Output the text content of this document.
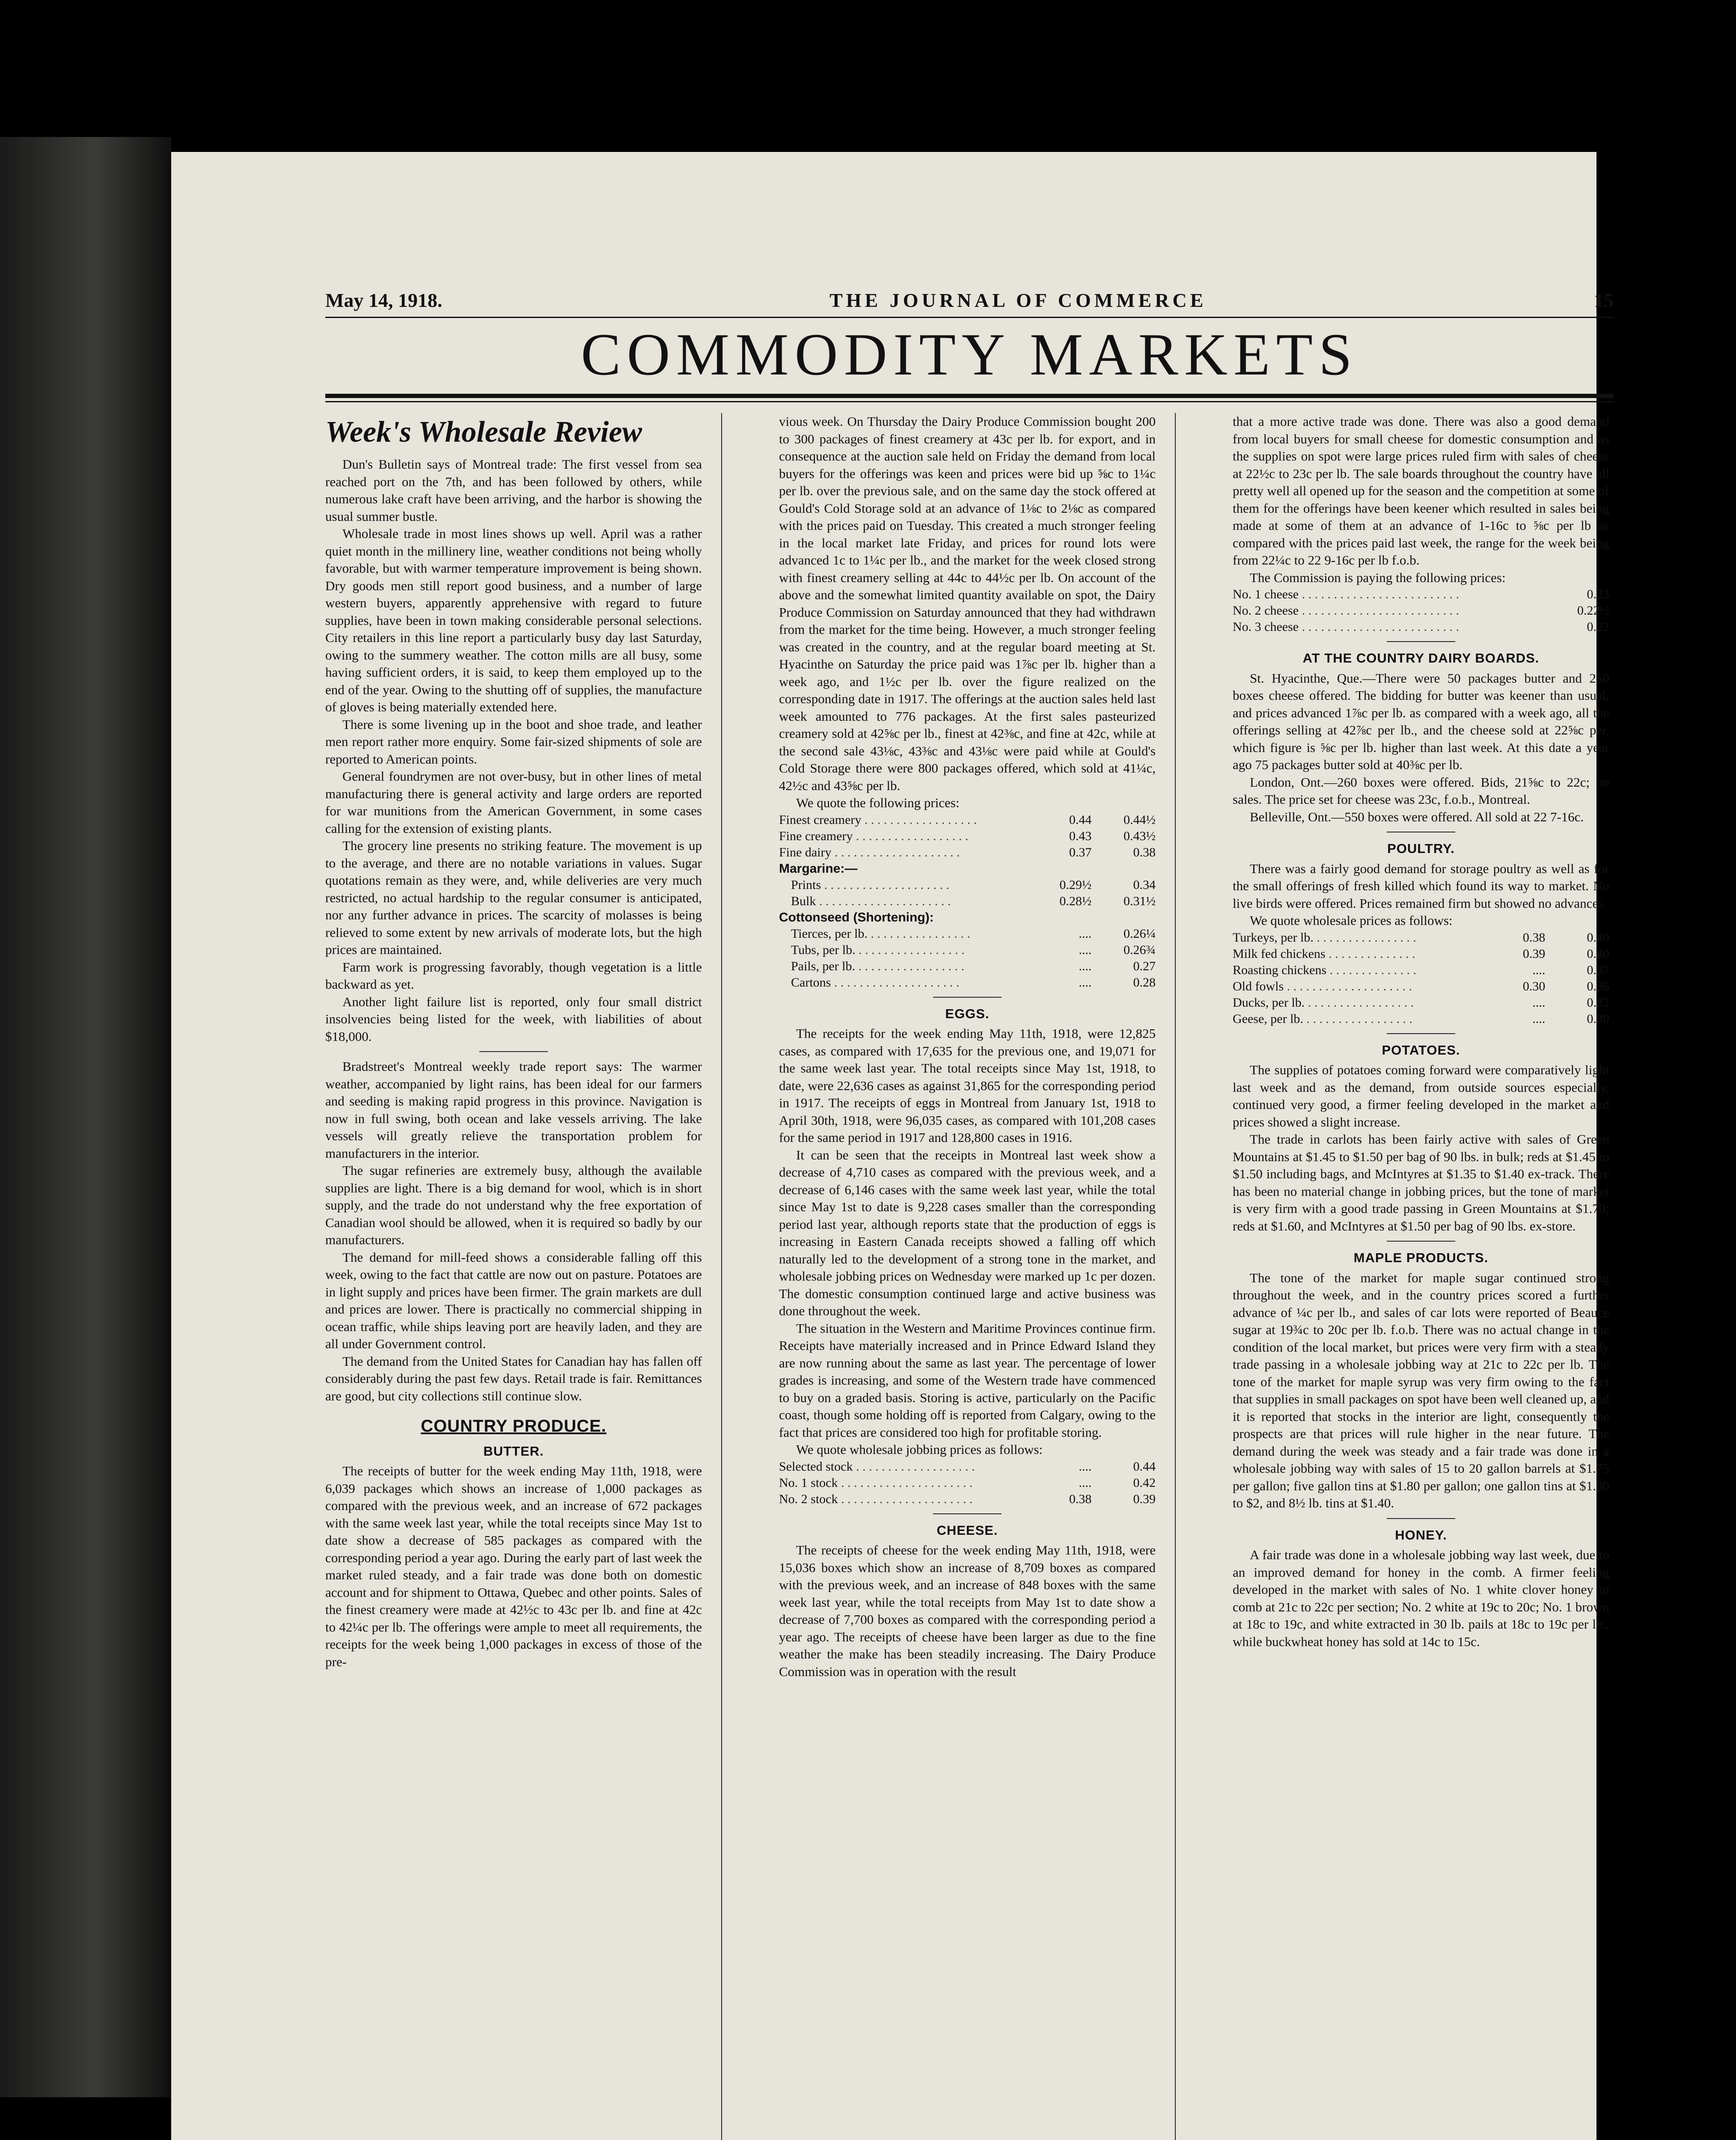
May 14, 1918.	THE JOURNAL OF COMMERCE	15
COMMODITY MARKETS
Week's Wholesale Review

Dun's Bulletin says of Montreal trade: The first vessel from sea reached port on the 7th, and has been followed by others, while numerous lake craft have been arriving, and the harbor is showing the usual summer bustle.

Wholesale trade in most lines shows up well. April was a rather quiet month in the millinery line, weather conditions not being wholly favorable, but with warmer temperature improvement is being shown. Dry goods men still report good business, and a number of large western buyers, apparently apprehensive with regard to future supplies, have been in town making considerable personal selections. City retailers in this line report a particularly busy day last Saturday, owing to the summery weather. The cotton mills are all busy, some having sufficient orders, it is said, to keep them employed up to the end of the year. Owing to the shutting off of supplies, the manufacture of gloves is being materially extended here.

There is some livening up in the boot and shoe trade, and leather men report rather more enquiry. Some fair-sized shipments of sole are reported to American points.

General foundrymen are not over-busy, but in other lines of metal manufacturing there is general activity and large orders are reported for war munitions from the American Government, in some cases calling for the extension of existing plants.

The grocery line presents no striking feature. The movement is up to the average, and there are no notable variations in values. Sugar quotations remain as they were, and, while deliveries are very much restricted, no actual hardship to the regular consumer is anticipated, nor any further advance in prices. The scarcity of molasses is being relieved to some extent by new arrivals of moderate lots, but the high prices are maintained.

Farm work is progressing favorably, though vegetation is a little backward as yet.

Another light failure list is reported, only four small district insolvencies being listed for the week, with liabilities of about $18,000.

Bradstreet's Montreal weekly trade report says: The warmer weather, accompanied by light rains, has been ideal for our farmers and seeding is making rapid progress in this province. Navigation is now in full swing, both ocean and lake vessels arriving. The lake vessels will greatly relieve the transportation problem for manufacturers in the interior.

The sugar refineries are extremely busy, although the available supplies are light. There is a big demand for wool, which is in short supply, and the trade do not understand why the free exportation of Canadian wool should be allowed, when it is required so badly by our manufacturers.

The demand for mill-feed shows a considerable falling off this week, owing to the fact that cattle are now out on pasture. Potatoes are in light supply and prices have been firmer. The grain markets are dull and prices are lower. There is practically no commercial shipping in ocean traffic, while ships leaving port are heavily laden, and they are all under Government control.

The demand from the United States for Canadian hay has fallen off considerably during the past few days. Retail trade is fair. Remittances are good, but city collections still continue slow.

COUNTRY PRODUCE.
BUTTER.

The receipts of butter for the week ending May 11th, 1918, were 6,039 packages which shows an increase of 1,000 packages as compared with the previous week, and an increase of 672 packages with the same week last year, while the total receipts since May 1st to date show a decrease of 585 packages as compared with the corresponding period a year ago. During the early part of last week the market ruled steady, and a fair trade was done both on domestic account and for shipment to Ottawa, Quebec and other points. Sales of the finest creamery were made at 42½c to 43c per lb. and fine at 42c to 42¼c per lb. The offerings were ample to meet all requirements, the receipts for the week being 1,000 packages in excess of those of the pre-

vious week. On Thursday the Dairy Produce Commission bought 200 to 300 packages of finest creamery at 43c per lb. for export, and in consequence at the auction sale held on Friday the demand from local buyers for the offerings was keen and prices were bid up ⅝c to 1¼c per lb. over the previous sale, and on the same day the stock offered at Gould's Cold Storage sold at an advance of 1⅛c to 2⅛c as compared with the prices paid on Tuesday. This created a much stronger feeling in the local market late Friday, and prices for round lots were advanced 1c to 1¼c per lb., and the market for the week closed strong with finest creamery selling at 44c to 44½c per lb. On account of the above and the somewhat limited quantity available on spot, the Dairy Produce Commission on Saturday announced that they had withdrawn from the market for the time being. However, a much stronger feeling was created in the country, and at the regular board meeting at St. Hyacinthe on Saturday the price paid was 1⅞c per lb. higher than a week ago, and 1½c per lb. over the figure realized on the corresponding date in 1917. The offerings at the auction sales held last week amounted to 776 packages. At the first sales pasteurized creamery sold at 42⅝c per lb., finest at 42⅜c, and fine at 42c, while at the second sale 43⅛c, 43⅜c and 43⅛c were paid while at Gould's Cold Storage there were 800 packages offered, which sold at 41¼c, 42½c and 43⅝c per lb.

We quote the following prices:

Finest creamery . . . . . . . . . . . . . . . . . .	0.44	0.44½
Fine creamery . . . . . . . . . . . . . . . . . .	0.43	0.43½
Fine dairy . . . . . . . . . . . . . . . . . . . .	0.37	0.38
Margarine:—		
Prints . . . . . . . . . . . . . . . . . . . .	0.29½	0.34
Bulk . . . . . . . . . . . . . . . . . . . . .	0.28½	0.31½
Cottonseed (Shortening):		
Tierces, per lb. . . . . . . . . . . . . . . . .	....	0.26¼
Tubs, per lb. . . . . . . . . . . . . . . . . .	....	0.26¾
Pails, per lb. . . . . . . . . . . . . . . . . .	....	0.27
Cartons . . . . . . . . . . . . . . . . . . . .	....	0.28
EGGS.

The receipts for the week ending May 11th, 1918, were 12,825 cases, as compared with 17,635 for the previous one, and 19,071 for the same week last year. The total receipts since May 1st, 1918, to date, were 22,636 cases as against 31,865 for the corresponding period in 1917. The receipts of eggs in Montreal from January 1st, 1918 to April 30th, 1918, were 96,035 cases, as compared with 101,208 cases for the same period in 1917 and 128,800 cases in 1916.

It can be seen that the receipts in Montreal last week show a decrease of 4,710 cases as compared with the previous week, and a decrease of 6,146 cases with the same week last year, while the total since May 1st to date is 9,228 cases smaller than the corresponding period last year, although reports state that the production of eggs is increasing in Eastern Canada receipts showed a falling off which naturally led to the development of a strong tone in the market, and wholesale jobbing prices on Wednesday were marked up 1c per dozen. The domestic consumption continued large and active business was done throughout the week.

The situation in the Western and Maritime Provinces continue firm. Receipts have materially increased and in Prince Edward Island they are now running about the same as last year. The percentage of lower grades is increasing, and some of the Western trade have commenced to buy on a graded basis. Storing is active, particularly on the Pacific coast, though some holding off is reported from Calgary, owing to the fact that prices are considered too high for profitable storing.

We quote wholesale jobbing prices as follows:

Selected stock . . . . . . . . . . . . . . . . . . .	....	0.44
No. 1 stock . . . . . . . . . . . . . . . . . . . . .	....	0.42
No. 2 stock . . . . . . . . . . . . . . . . . . . . .	0.38	0.39
CHEESE.

The receipts of cheese for the week ending May 11th, 1918, were 15,036 boxes which show an increase of 8,709 boxes as compared with the previous week, and an increase of 848 boxes with the same week last year, while the total receipts from May 1st to date show a decrease of 7,700 boxes as compared with the corresponding period a year ago. The receipts of cheese have been larger as due to the fine weather the make has been steadily increasing. The Dairy Produce Commission was in operation with the result

that a more active trade was done. There was also a good demand from local buyers for small cheese for domestic consumption and as the supplies on spot were large prices ruled firm with sales of cheese at 22½c to 23c per lb. The sale boards throughout the country have all pretty well all opened up for the season and the competition at some of them for the offerings have been keener which resulted in sales being made at some of them at an advance of 1-16c to ⅝c per lb as compared with the prices paid last week, the range for the week being from 22¼c to 22 9-16c per lb f.o.b.

The Commission is paying the following prices:

No. 1 cheese . . . . . . . . . . . . . . . . . . . . . . . . .	0.23
No. 2 cheese . . . . . . . . . . . . . . . . . . . . . . . . .	0.22½
No. 3 cheese . . . . . . . . . . . . . . . . . . . . . . . . .	0.22
AT THE COUNTRY DAIRY BOARDS.

St. Hyacinthe, Que.—There were 50 packages butter and 250 boxes cheese offered. The bidding for butter was keener than usual, and prices advanced 1⅞c per lb. as compared with a week ago, all the offerings selling at 42⅞c per lb., and the cheese sold at 22⅝c per, which figure is ⅝c per lb. higher than last week. At this date a year ago 75 packages butter sold at 40⅜c per lb.

London, Ont.—260 boxes were offered. Bids, 21⅝c to 22c; no sales. The price set for cheese was 23c, f.o.b., Montreal.

Belleville, Ont.—550 boxes were offered. All sold at 22 7-16c.

POULTRY.

There was a fairly good demand for storage poultry as well as for the small offerings of fresh killed which found its way to market. No live birds were offered. Prices remained firm but showed no advances.

We quote wholesale prices as follows:

Turkeys, per lb. . . . . . . . . . . . . . . . .	0.38	0.40
Milk fed chickens . . . . . . . . . . . . . .	0.39	0.40
Roasting chickens . . . . . . . . . . . . . .	....	0.37
Old fowls . . . . . . . . . . . . . . . . . . . .	0.30	0.36
Ducks, per lb. . . . . . . . . . . . . . . . . .	....	0.32
Geese, per lb. . . . . . . . . . . . . . . . . .	....	0.30
POTATOES.

The supplies of potatoes coming forward were comparatively light last week and as the demand, from outside sources especially, continued very good, a firmer feeling developed in the market and prices showed a slight increase.

The trade in carlots has been fairly active with sales of Green Mountains at $1.45 to $1.50 per bag of 90 lbs. in bulk; reds at $1.45 to $1.50 including bags, and McIntyres at $1.35 to $1.40 ex-track. There has been no material change in jobbing prices, but the tone of market is very firm with a good trade passing in Green Mountains at $1.70; reds at $1.60, and McIntyres at $1.50 per bag of 90 lbs. ex-store.

MAPLE PRODUCTS.

The tone of the market for maple sugar continued strong throughout the week, and in the country prices scored a further advance of ¼c per lb., and sales of car lots were reported of Beauce sugar at 19¾c to 20c per lb. f.o.b. There was no actual change in the condition of the local market, but prices were very firm with a steady trade passing in a wholesale jobbing way at 21c to 22c per lb. The tone of the market for maple syrup was very firm owing to the fact that supplies in small packages on spot have been well cleaned up, and it is reported that stocks in the interior are light, consequently the prospects are that prices will rule higher in the near future. The demand during the week was steady and a fair trade was done in a wholesale jobbing way with sales of 15 to 20 gallon barrels at $1.75 per gallon; five gallon tins at $1.80 per gallon; one gallon tins at $1.90 to $2, and 8½ lb. tins at $1.40.

HONEY.

A fair trade was done in a wholesale jobbing way last week, due to an improved demand for honey in the comb. A firmer feeling developed in the market with sales of No. 1 white clover honey in comb at 21c to 22c per section; No. 2 white at 19c to 20c; No. 1 brown at 18c to 19c, and white extracted in 30 lb. pails at 18c to 19c per lb., while buckwheat honey has sold at 14c to 15c.
